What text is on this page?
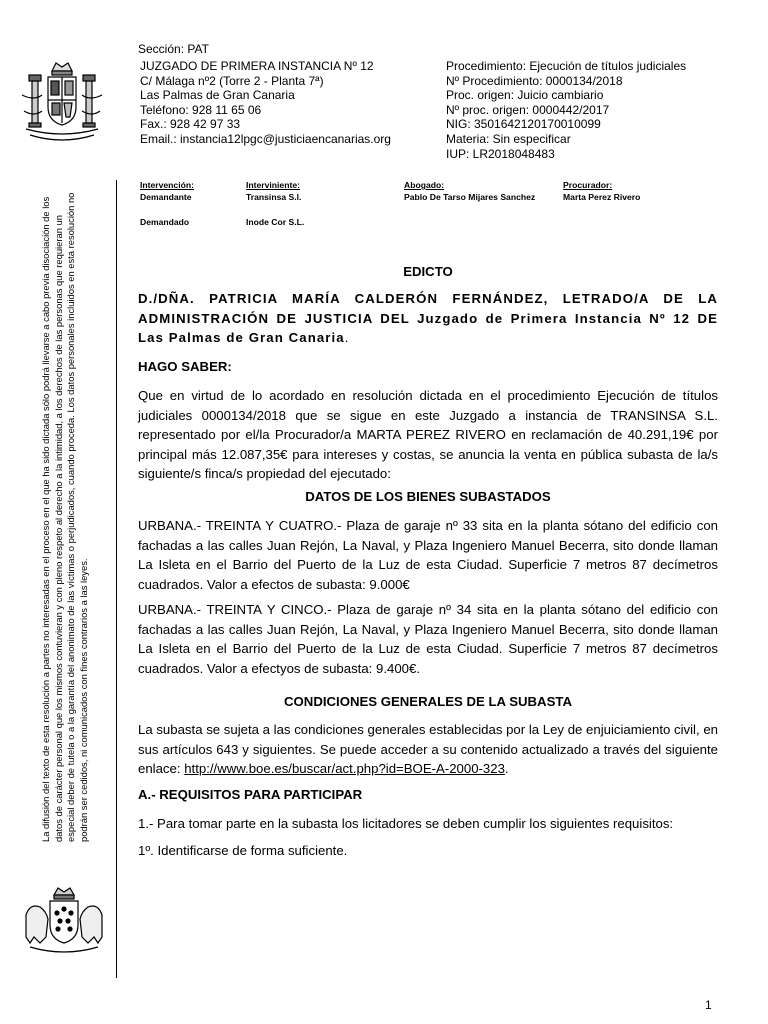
La difusión del texto de esta resolución a partes no interesadas en el proceso en el que ha sido dictada sólo podrá llevarse a cabo previa disociación de los datos de carácter personal que los mismos contuvieran y con pleno respeto al derecho a la intimidad, a los derechos de las personas que requieran un especial deber de tutela o a la garantía del anonimato de las víctimas o perjudicados, cuando proceda. Los datos personales incluidos en esta resolución no podrán ser cedidos, ni comunicados con fines contrarios a las leyes.
Sección: PAT
JUZGADO DE PRIMERA INSTANCIA Nº 12
C/ Málaga nº2 (Torre 2 - Planta 7ª)
Las Palmas de Gran Canaria
Teléfono: 928 11 65 06
Fax.: 928 42 97 33
Email.: instancia12lpgc@justiciaencanarias.org
Procedimiento: Ejecución de títulos judiciales
Nº Procedimiento: 0000134/2018
Proc. origen: Juicio cambiario
Nº proc. origen: 0000442/2017
NIG: 3501642120170010099
Materia: Sin especificar
IUP: LR2018048483
Intervención:	Interviniente:	Abogado:	Procurador:
Demandante	Transinsa S.l.	Pablo De Tarso Mijares Sanchez	Marta Perez Rivero
Demandado	Inode Cor S.L.
EDICTO
D./DÑA. PATRICIA MARÍA CALDERÓN FERNÁNDEZ, LETRADO/A DE LA ADMINISTRACIÓN DE JUSTICIA DEL Juzgado de Primera Instancia Nº 12 DE Las Palmas de Gran Canaria.
HAGO SABER:
Que en virtud de lo acordado en resolución dictada en el procedimiento Ejecución de títulos judiciales 0000134/2018 que se sigue en este Juzgado a instancia de TRANSINSA S.L. representado por el/la Procurador/a MARTA PEREZ RIVERO en reclamación de 40.291,19€ por principal más 12.087,35€ para intereses y costas, se anuncia la venta en pública subasta de la/s siguiente/s finca/s propiedad del ejecutado:
DATOS DE LOS BIENES SUBASTADOS
URBANA.- TREINTA Y CUATRO.- Plaza de garaje nº 33 sita en la planta sótano del edificio con fachadas a las calles Juan Rejón, La Naval, y Plaza Ingeniero Manuel Becerra, sito donde llaman La Isleta en el Barrio del Puerto de la Luz de esta Ciudad. Superficie 7 metros 87 decímetros cuadrados. Valor a efectos de subasta: 9.000€
URBANA.- TREINTA Y CINCO.- Plaza de garaje nº 34 sita en la planta sótano del edificio con fachadas a las calles Juan Rejón, La Naval, y Plaza Ingeniero Manuel Becerra, sito donde llaman La Isleta en el Barrio del Puerto de la Luz de esta Ciudad. Superficie 7 metros 87 decímetros cuadrados. Valor a efectyos de subasta: 9.400€.
CONDICIONES GENERALES DE LA SUBASTA
La subasta se sujeta a las condiciones generales establecidas por la Ley de enjuiciamiento civil, en sus artículos 643 y siguientes. Se puede acceder a su contenido actualizado a través del siguiente enlace: http://www.boe.es/buscar/act.php?id=BOE-A-2000-323.
A.- REQUISITOS PARA PARTICIPAR
1.- Para tomar parte en la subasta los licitadores se deben cumplir los siguientes requisitos:
1º. Identificarse de forma suficiente.
1
